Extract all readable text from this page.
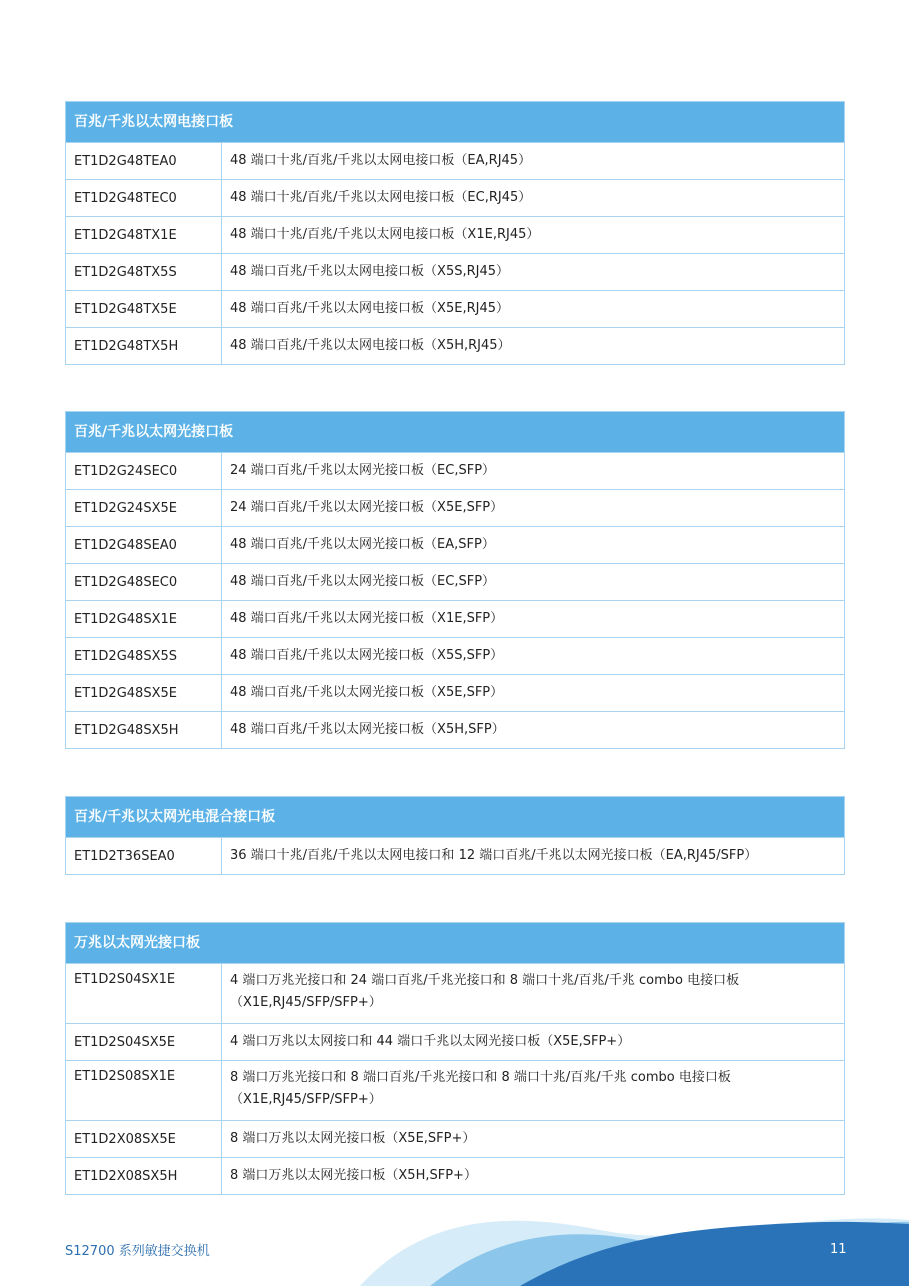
百兆/千兆以太网电接口板
ET1D2G48TEA0	48 端口十兆/百兆/千兆以太网电接口板（EA,RJ45）
ET1D2G48TEC0	48 端口十兆/百兆/千兆以太网电接口板（EC,RJ45）
ET1D2G48TX1E	48 端口十兆/百兆/千兆以太网电接口板（X1E,RJ45）
ET1D2G48TX5S	48 端口百兆/千兆以太网电接口板（X5S,RJ45）
ET1D2G48TX5E	48 端口百兆/千兆以太网电接口板（X5E,RJ45）
ET1D2G48TX5H	48 端口百兆/千兆以太网电接口板（X5H,RJ45）
百兆/千兆以太网光接口板
ET1D2G24SEC0	24 端口百兆/千兆以太网光接口板（EC,SFP）
ET1D2G24SX5E	24 端口百兆/千兆以太网光接口板（X5E,SFP）
ET1D2G48SEA0	48 端口百兆/千兆以太网光接口板（EA,SFP）
ET1D2G48SEC0	48 端口百兆/千兆以太网光接口板（EC,SFP）
ET1D2G48SX1E	48 端口百兆/千兆以太网光接口板（X1E,SFP）
ET1D2G48SX5S	48 端口百兆/千兆以太网光接口板（X5S,SFP）
ET1D2G48SX5E	48 端口百兆/千兆以太网光接口板（X5E,SFP）
ET1D2G48SX5H	48 端口百兆/千兆以太网光接口板（X5H,SFP）
百兆/千兆以太网光电混合接口板
ET1D2T36SEA0	36 端口十兆/百兆/千兆以太网电接口和 12 端口百兆/千兆以太网光接口板（EA,RJ45/SFP）
万兆以太网光接口板
ET1D2S04SX1E	4 端口万兆光接口和 24 端口百兆/千兆光接口和 8 端口十兆/百兆/千兆 combo 电接口板
（X1E,RJ45/SFP/SFP+）
ET1D2S04SX5E	4 端口万兆以太网接口和 44 端口千兆以太网光接口板（X5E,SFP+）
ET1D2S08SX1E	8 端口万兆光接口和 8 端口百兆/千兆光接口和 8 端口十兆/百兆/千兆 combo 电接口板
（X1E,RJ45/SFP/SFP+）
ET1D2X08SX5E	8 端口万兆以太网光接口板（X5E,SFP+）
ET1D2X08SX5H	8 端口万兆以太网光接口板（X5H,SFP+）
S12700 系列敏捷交换机	11
